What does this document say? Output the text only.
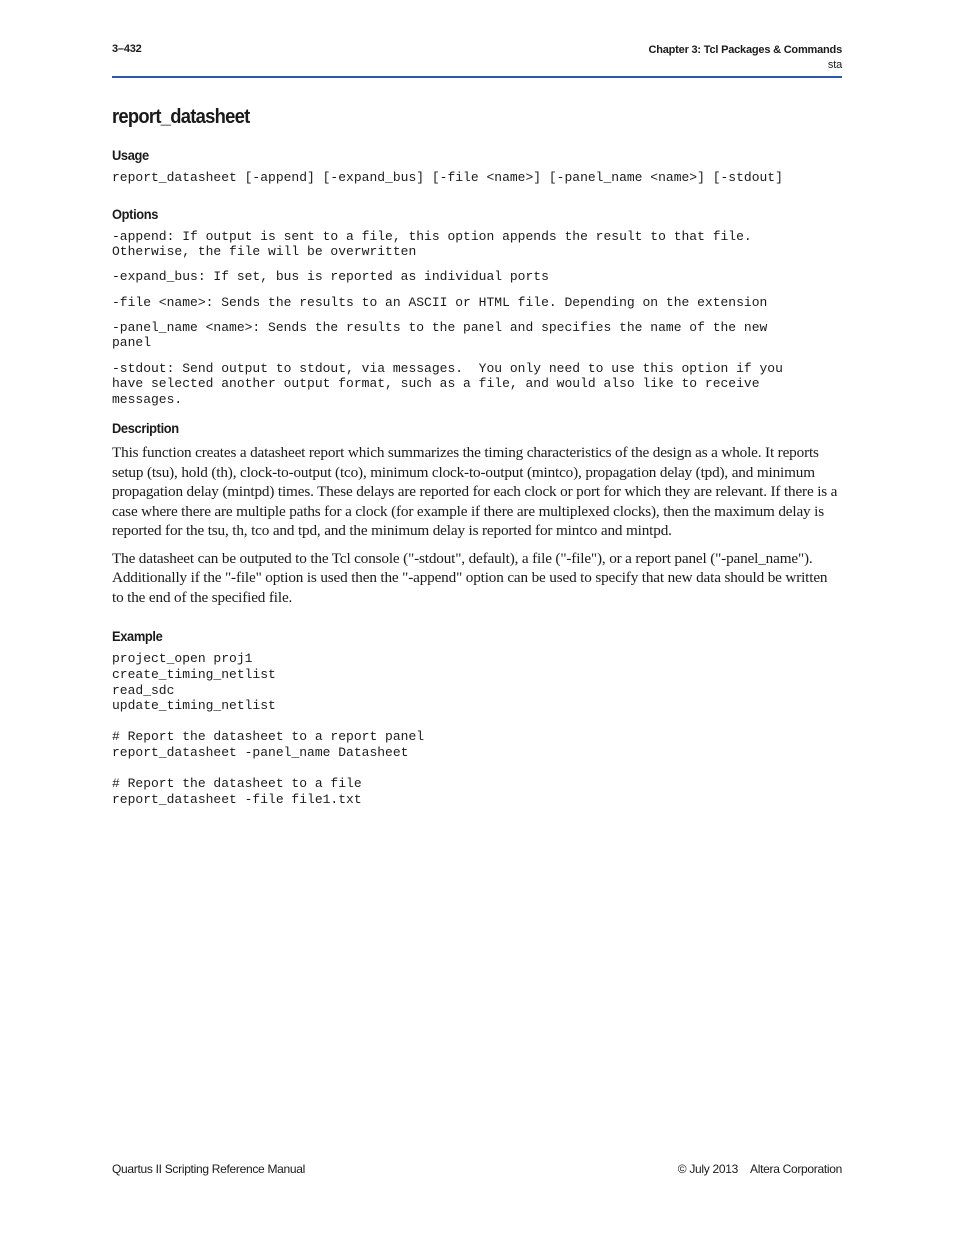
3–432	Chapter 3: Tcl Packages & Commands
sta
report_datasheet
Usage

report_datasheet [-append] [-expand_bus] [-file <name>] [-panel_name <name>] [-stdout]

Options

-append: If output is sent to a file, this option appends the result to that file.
Otherwise, the file will be overwritten

-expand_bus: If set, bus is reported as individual ports

-file <name>: Sends the results to an ASCII or HTML file. Depending on the extension

-panel_name <name>: Sends the results to the panel and specifies the name of the new
panel

-stdout: Send output to stdout, via messages.  You only need to use this option if you
have selected another output format, such as a file, and would also like to receive
messages.

Description

This function creates a datasheet report which summarizes the timing characteristics of the design as a whole. It reports setup (tsu), hold (th), clock-to-output (tco), minimum clock-to-output (mintco), propagation delay (tpd), and minimum propagation delay (mintpd) times. These delays are reported for each clock or port for which they are relevant. If there is a case where there are multiple paths for a clock (for example if there are multiplexed clocks), then the maximum delay is reported for the tsu, th, tco and tpd, and the minimum delay is reported for mintco and mintpd.

The datasheet can be outputed to the Tcl console ("-stdout", default), a file ("-file"), or a report panel ("-panel_name"). Additionally if the "-file" option is used then the "-append" option can be used to specify that new data should be written to the end of the specified file.

Example

project_open proj1
create_timing_netlist
read_sdc
update_timing_netlist

# Report the datasheet to a report panel
report_datasheet -panel_name Datasheet

# Report the datasheet to a file
report_datasheet -file file1.txt

Quartus II Scripting Reference Manual	© July 2013 Altera Corporation
